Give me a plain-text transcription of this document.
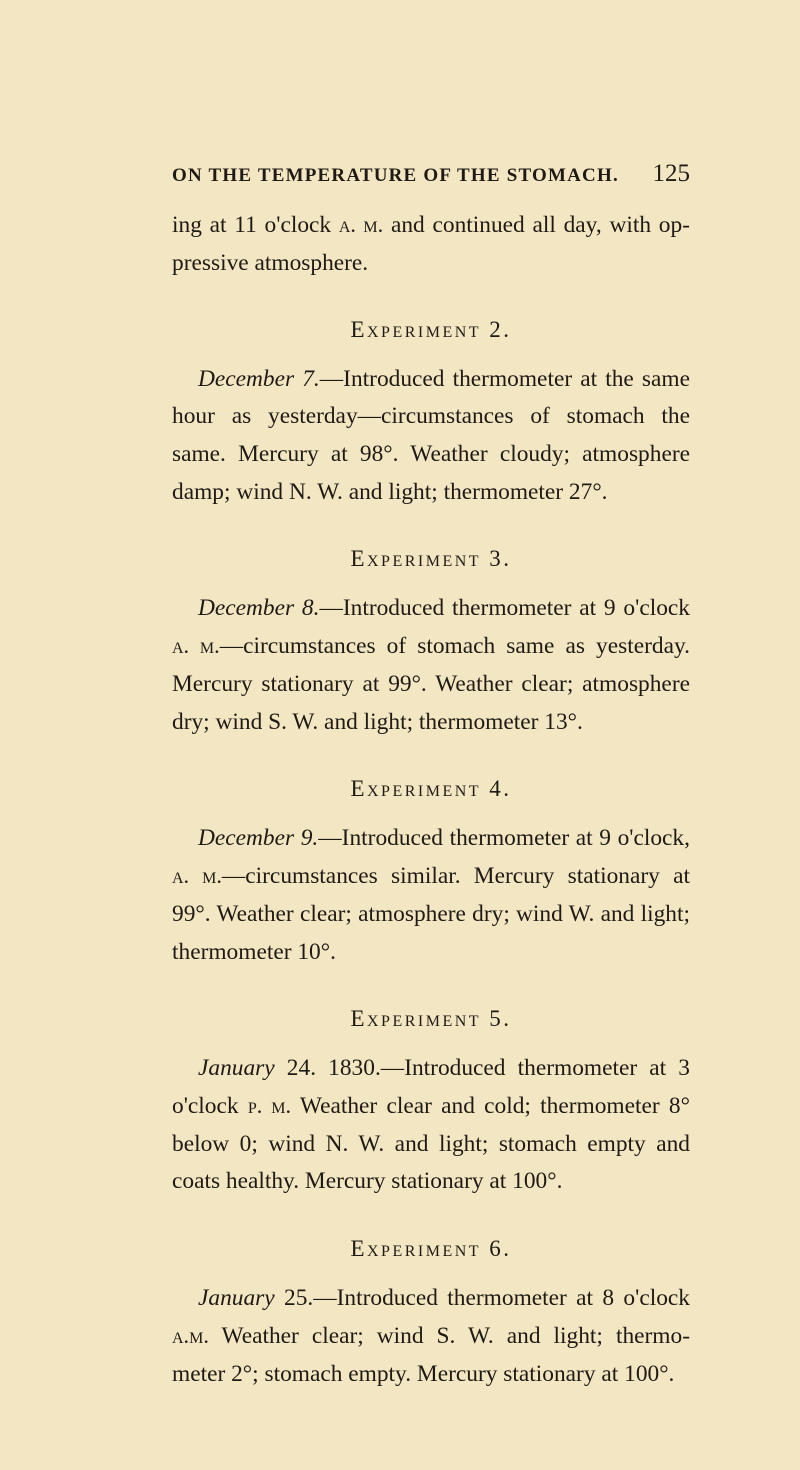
ON THE TEMPERATURE OF THE STOMACH. 125

ing at 11 o'clock a. m. and continued all day, with op- pressive atmosphere.

Experiment 2.

December 7.—Introduced thermometer at the same hour as yesterday—circumstances of stomach the same. Mercury at 98°. Weather cloudy; atmosphere damp; wind N. W. and light; thermometer 27°.

Experiment 3.

December 8.—Introduced thermometer at 9 o'clock a. m.—circumstances of stomach same as yesterday. Mercury stationary at 99°. Weather clear; atmosphere dry; wind S. W. and light; thermometer 13°.

Experiment 4.

December 9.—Introduced thermometer at 9 o'clock, a. m.—circumstances similar. Mercury stationary at 99°. Weather clear; atmosphere dry; wind W. and light; thermometer 10°.

Experiment 5.

January 24. 1830.—Introduced thermometer at 3 o'clock p. m. Weather clear and cold; thermometer 8° below 0; wind N. W. and light; stomach empty and coats healthy. Mercury stationary at 100°.

Experiment 6.

January 25.—Introduced thermometer at 8 o'clock a.m. Weather clear; wind S. W. and light; thermo- meter 2°; stomach empty. Mercury stationary at 100°.
